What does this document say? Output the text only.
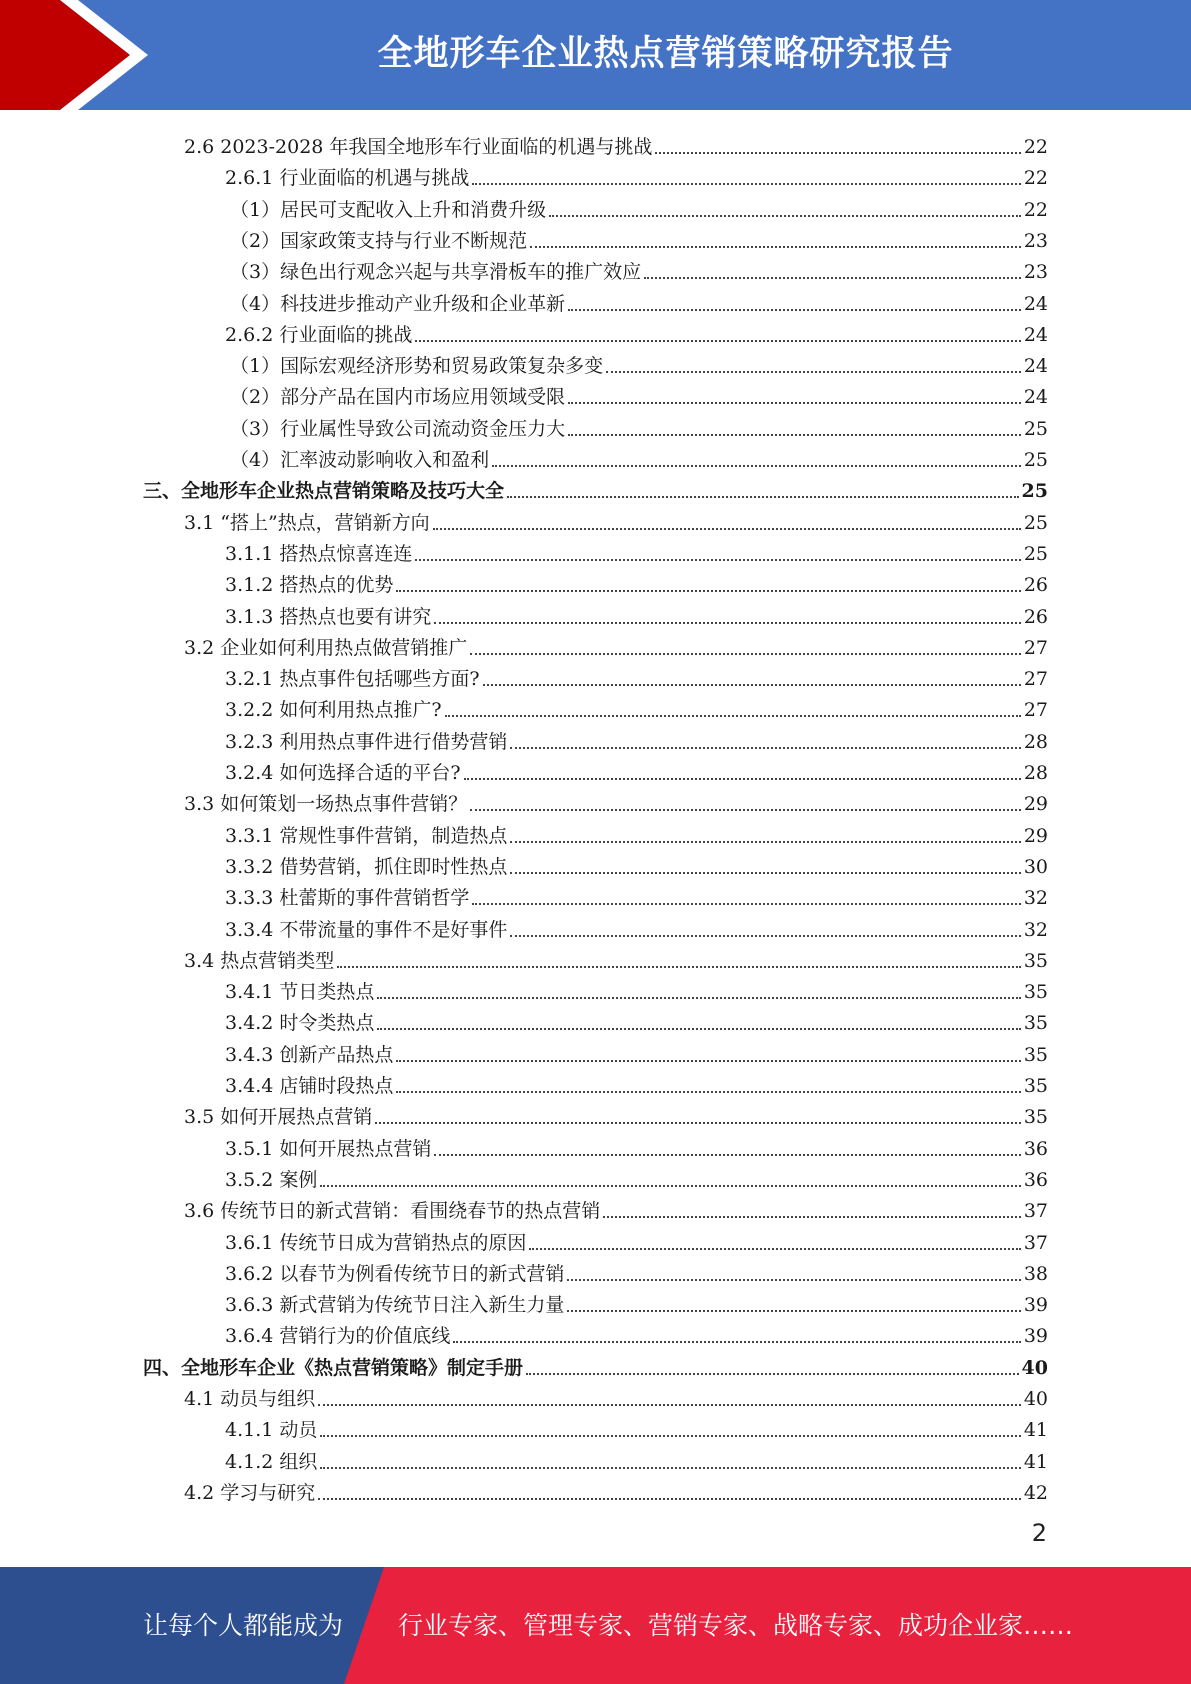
全地形车企业热点营销策略研究报告
2.6 2023-2028 年我国全地形车行业面临的机遇与挑战	22
2.6.1 行业面临的机遇与挑战	22
（1）居民可支配收入上升和消费升级	22
（2）国家政策支持与行业不断规范	23
（3）绿色出行观念兴起与共享滑板车的推广效应	23
（4）科技进步推动产业升级和企业革新	24
2.6.2 行业面临的挑战	24
（1）国际宏观经济形势和贸易政策复杂多变	24
（2）部分产品在国内市场应用领域受限	24
（3）行业属性导致公司流动资金压力大	25
（4）汇率波动影响收入和盈利	25
三、全地形车企业热点营销策略及技巧大全	25
3.1 “搭上”热点，营销新方向	25
3.1.1 搭热点惊喜连连	25
3.1.2 搭热点的优势	26
3.1.3 搭热点也要有讲究	26
3.2 企业如何利用热点做营销推广	27
3.2.1 热点事件包括哪些方面?	27
3.2.2 如何利用热点推广?	27
3.2.3 利用热点事件进行借势营销	28
3.2.4 如何选择合适的平台?	28
3.3 如何策划一场热点事件营销？	29
3.3.1 常规性事件营销，制造热点	29
3.3.2 借势营销，抓住即时性热点	30
3.3.3 杜蕾斯的事件营销哲学	32
3.3.4 不带流量的事件不是好事件	32
3.4 热点营销类型	35
3.4.1 节日类热点	35
3.4.2 时令类热点	35
3.4.3 创新产品热点	35
3.4.4 店铺时段热点	35
3.5 如何开展热点营销	35
3.5.1 如何开展热点营销	36
3.5.2 案例	36
3.6 传统节日的新式营销：看围绕春节的热点营销	37
3.6.1 传统节日成为营销热点的原因	37
3.6.2 以春节为例看传统节日的新式营销	38
3.6.3 新式营销为传统节日注入新生力量	39
3.6.4 营销行为的价值底线	39
四、全地形车企业《热点营销策略》制定手册	40
4.1 动员与组织	40
4.1.1 动员	41
4.1.2 组织	41
4.2 学习与研究	42
2
让每个人都能成为 行业专家、管理专家、营销专家、战略专家、成功企业家……
